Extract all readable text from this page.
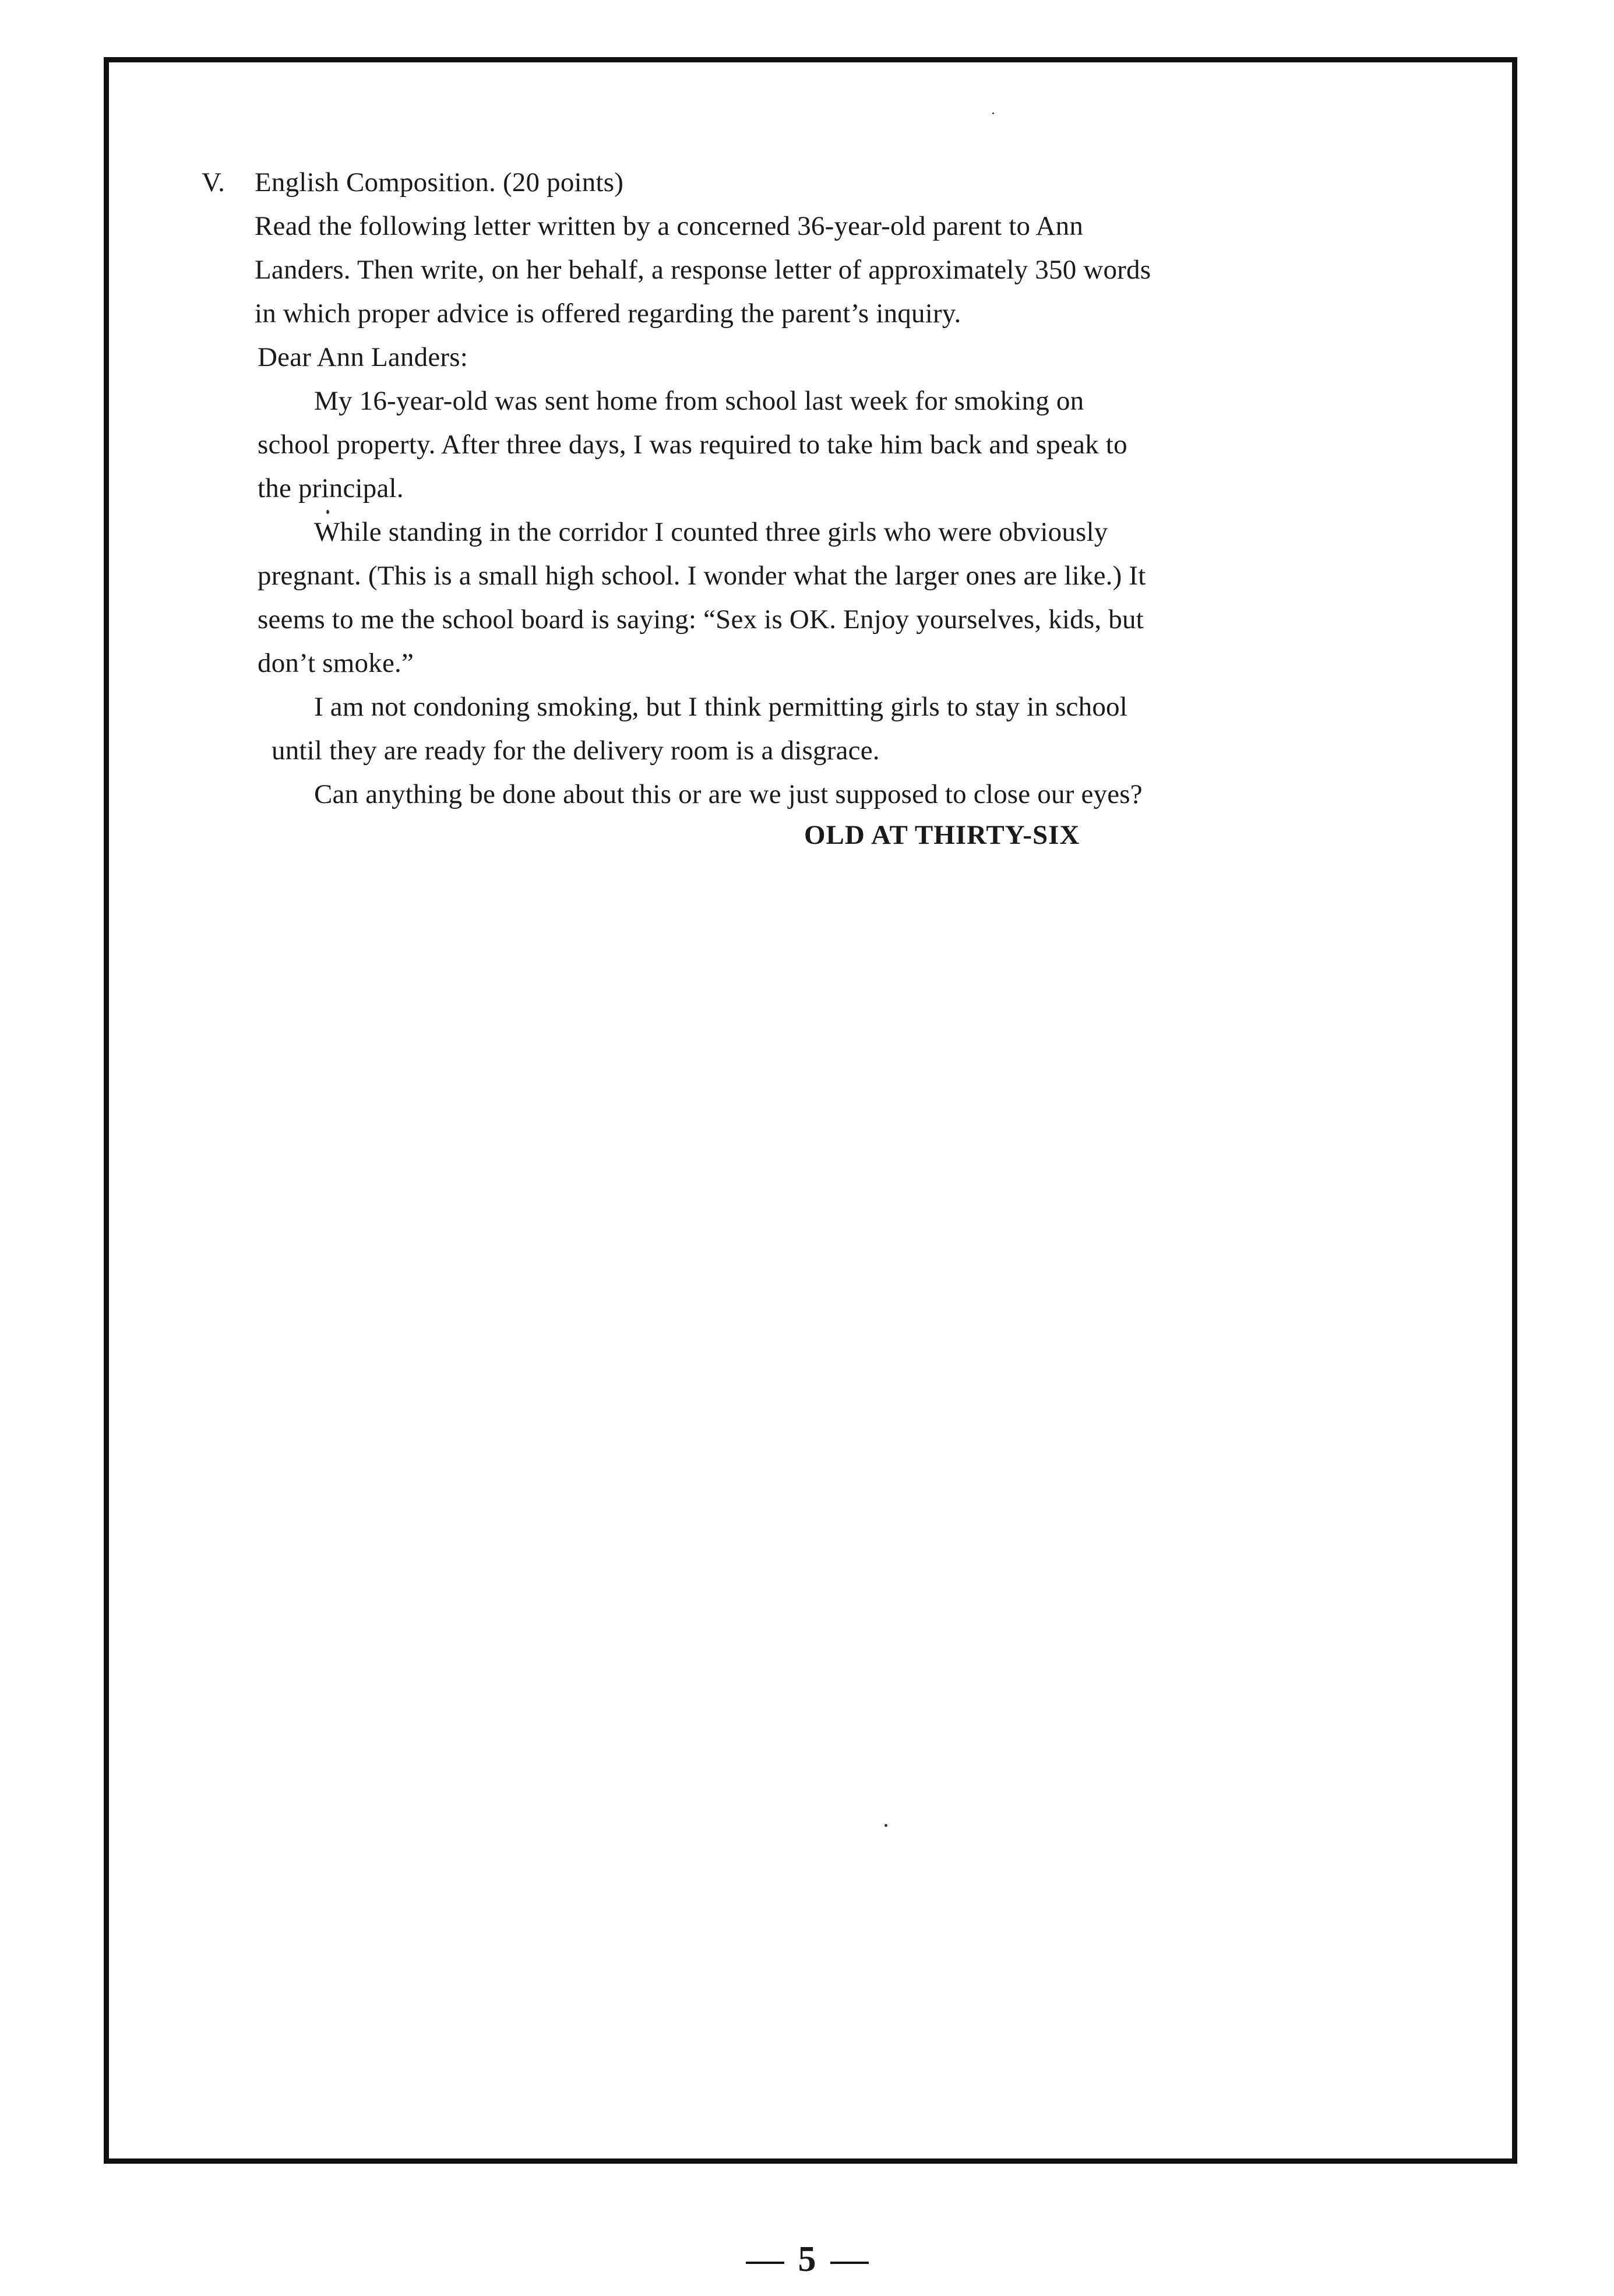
V. English Composition. (20 points)
Read the following letter written by a concerned 36-year-old parent to Ann
Landers. Then write, on her behalf, a response letter of approximately 350 words
in which proper advice is offered regarding the parent’s inquiry.
Dear Ann Landers:
My 16-year-old was sent home from school last week for smoking on
school property. After three days, I was required to take him back and speak to
the principal.
While standing in the corridor I counted three girls who were obviously
pregnant. (This is a small high school. I wonder what the larger ones are like.) It
seems to me the school board is saying: “Sex is OK. Enjoy yourselves, kids, but
don’t smoke.”
I am not condoning smoking, but I think permitting girls to stay in school
until they are ready for the delivery room is a disgrace.
Can anything be done about this or are we just supposed to close our eyes?
OLD AT THIRTY-SIX
5
